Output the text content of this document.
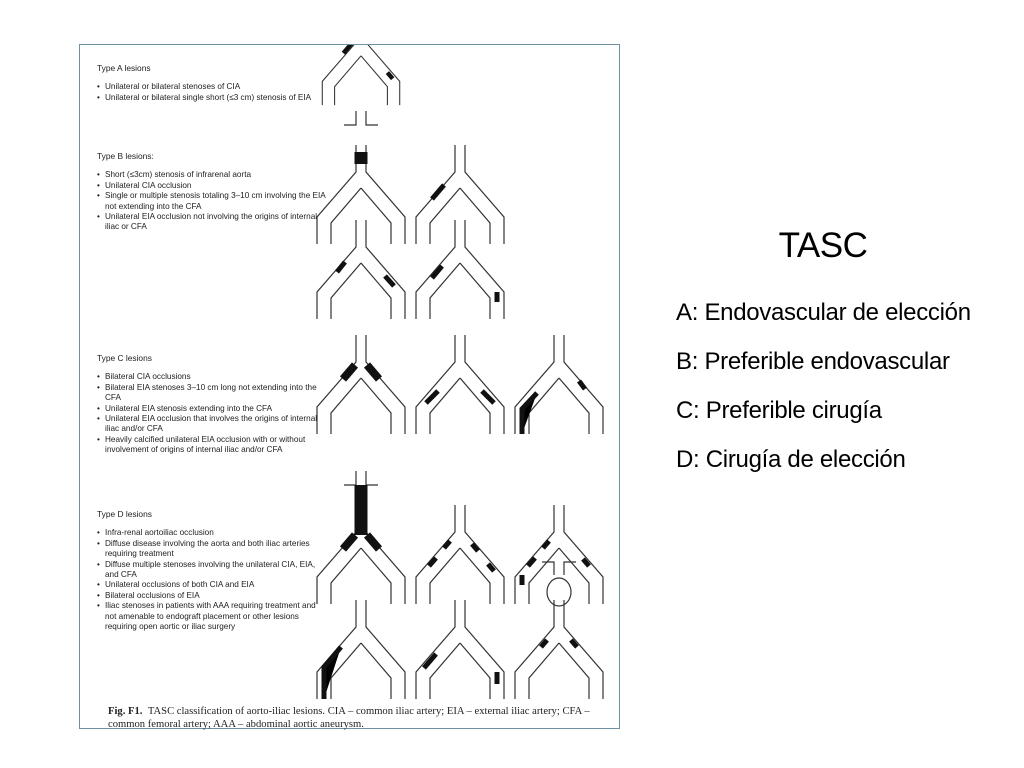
Type A lesions
• Unilateral or bilateral stenoses of CIA
• Unilateral or bilateral single short (≤3 cm) stenosis of EIA
Type B lesions:
• Short (≤3cm) stenosis of infrarenal aorta
• Unilateral CIA occlusion
• Single or multiple stenosis totaling 3–10 cm involving the EIA not extending into the CFA
• Unilateral EIA occlusion not involving the origins of internal iliac or CFA
Type C lesions
• Bilateral CIA occlusions
• Bilateral EIA stenoses 3–10 cm long not extending into the CFA
• Unilateral EIA stenosis extending into the CFA
• Unilateral EIA occlusion that involves the origins of internal iliac and/or CFA
• Heavily calcified unilateral EIA occlusion with or without involvement of origins of internal iliac and/or CFA
Type D lesions
• Infra-renal aortoiliac occlusion
• Diffuse disease involving the aorta and both iliac arteries requiring treatment
• Diffuse multiple stenoses involving the unilateral CIA, EIA, and CFA
• Unilateral occlusions of both CIA and EIA
• Bilateral occlusions of EIA
• Iliac stenoses in patients with AAA requiring treatment and not amenable to endograft placement or other lesions requiring open aortic or iliac surgery
Fig. F1. TASC classification of aorto-iliac lesions. CIA – common iliac artery; EIA – external iliac artery; CFA – common femoral artery; AAA – abdominal aortic aneurysm.
TASC
A: Endovascular de elección
B: Preferible endovascular
C: Preferible cirugía
D: Cirugía de elección
